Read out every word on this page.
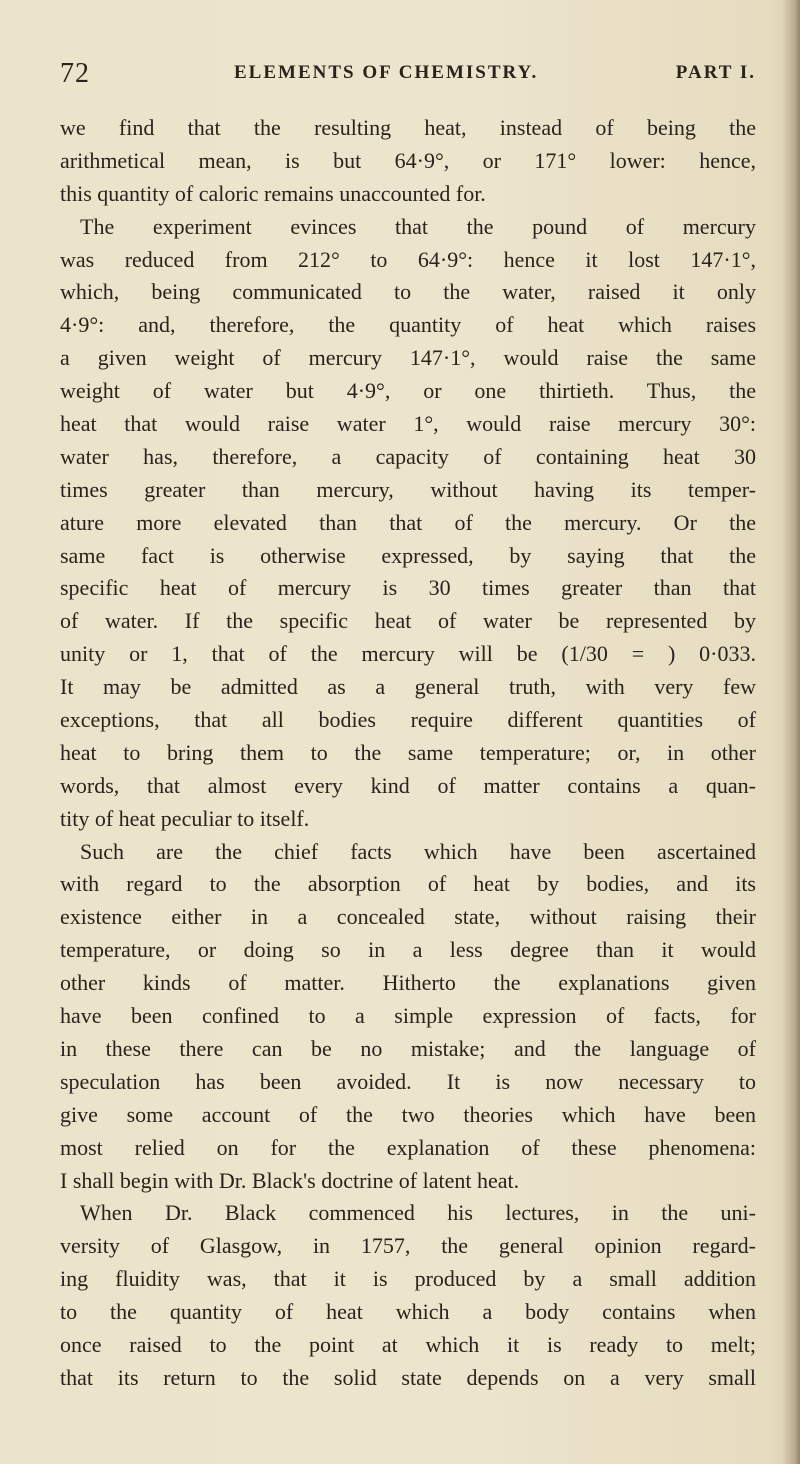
72	ELEMENTS OF CHEMISTRY.	PART I.
we find that the resulting heat, instead of being the
arithmetical mean, is but 64·9°, or 171° lower: hence,
this quantity of caloric remains unaccounted for.
The experiment evinces that the pound of mercury
was reduced from 212° to 64·9°: hence it lost 147·1°,
which, being communicated to the water, raised it only
4·9°: and, therefore, the quantity of heat which raises
a given weight of mercury 147·1°, would raise the same
weight of water but 4·9°, or one thirtieth. Thus, the
heat that would raise water 1°, would raise mercury 30°:
water has, therefore, a capacity of containing heat 30
times greater than mercury, without having its temper-
ature more elevated than that of the mercury. Or the
same fact is otherwise expressed, by saying that the
specific heat of mercury is 30 times greater than that
of water. If the specific heat of water be represented by
unity or 1, that of the mercury will be (1/30 = ) 0·033.
It may be admitted as a general truth, with very few
exceptions, that all bodies require different quantities of
heat to bring them to the same temperature; or, in other
words, that almost every kind of matter contains a quan-
tity of heat peculiar to itself.
Such are the chief facts which have been ascertained
with regard to the absorption of heat by bodies, and its
existence either in a concealed state, without raising their
temperature, or doing so in a less degree than it would
other kinds of matter. Hitherto the explanations given
have been confined to a simple expression of facts, for
in these there can be no mistake; and the language of
speculation has been avoided. It is now necessary to
give some account of the two theories which have been
most relied on for the explanation of these phenomena:
I shall begin with Dr. Black's doctrine of latent heat.
When Dr. Black commenced his lectures, in the uni-
versity of Glasgow, in 1757, the general opinion regard-
ing fluidity was, that it is produced by a small addition
to the quantity of heat which a body contains when
once raised to the point at which it is ready to melt;
that its return to the solid state depends on a very small
